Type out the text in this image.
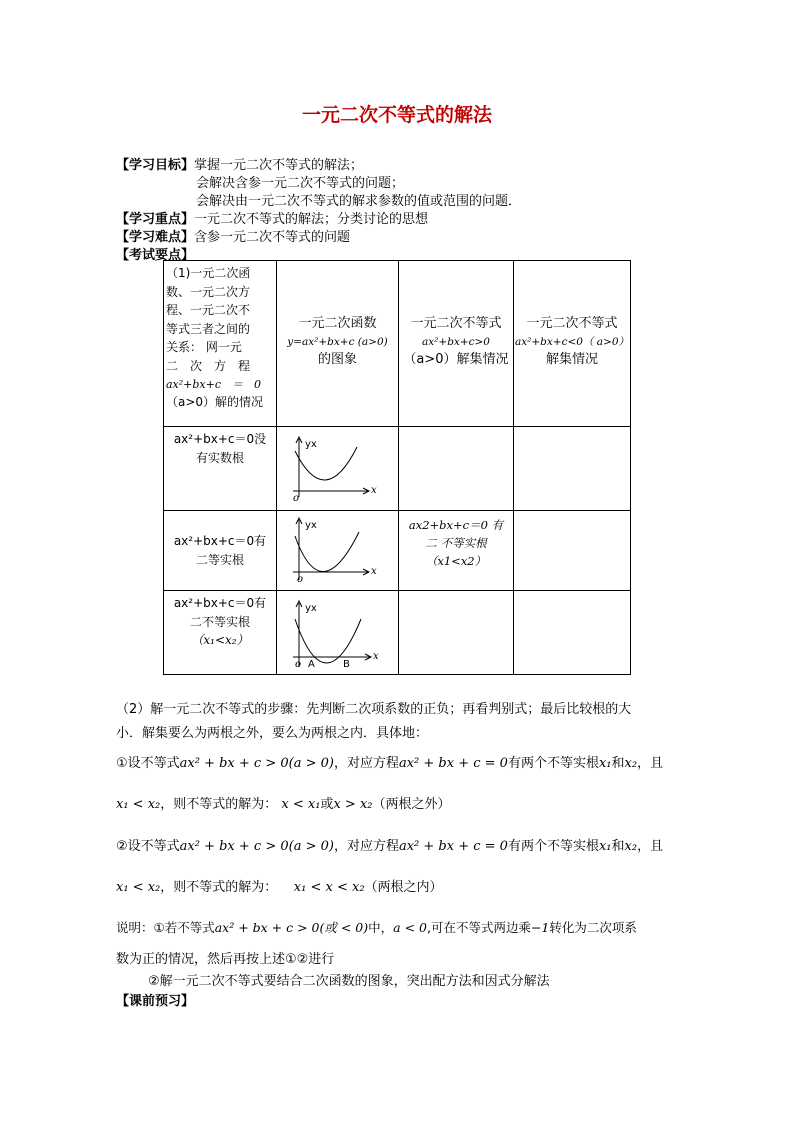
一元二次不等式的解法
【学习目标】掌握一元二次不等式的解法；
会解决含参一元二次不等式的问题；
会解决由一元二次不等式的解求参数的值或范围的问题．
【学习重点】一元二次不等式的解法；分类讨论的思想
【学习难点】含参一元二次不等式的问题
【考试要点】
（1)一元二次函
数、一元二次方
程、一元二次不
等式三者之间的
关系： 网一元
二　次　方　程
ax²+bx+c　＝　0
（a>0）解的情况
一元二次函数
y=ax²+bx+c (a>0)
的图象
一元二次不等式
ax²+bx+c>0
（a>0）解集情况
一元二次不等式
ax²+bx+c<0（ a>0）
解集情况
ax²+bx+c＝0没
有实数根
yx
x
o
ax²+bx+c＝0有
二等实根
yx
x
o
ax2+bx+c＝0 有
二 不等实根
（x1<x2）
ax²+bx+c＝0有
二不等实根
（x₁<x₂）
yx
x
o A	B
（2）解一元二次不等式的步骤：先判断二次项系数的正负；再看判别式；最后比较根的大
小．解集要么为两根之外，要么为两根之内．具体地：
①设不等式ax² + bx + c > 0(a > 0)，对应方程ax² + bx + c = 0有两个不等实根x₁和x₂，且
x₁ < x₂，则不等式的解为： x < x₁或x > x₂（两根之外）
②设不等式ax² + bx + c > 0(a > 0)，对应方程ax² + bx + c = 0有两个不等实根x₁和x₂，且
x₁ < x₂，则不等式的解为： x₁ < x < x₂（两根之内）
说明：①若不等式ax² + bx + c > 0(或 < 0)中，a < 0,可在不等式两边乘−1转化为二次项系
数为正的情况，然后再按上述①②进行
②解一元二次不等式要结合二次函数的图象，突出配方法和因式分解法
【课前预习】
